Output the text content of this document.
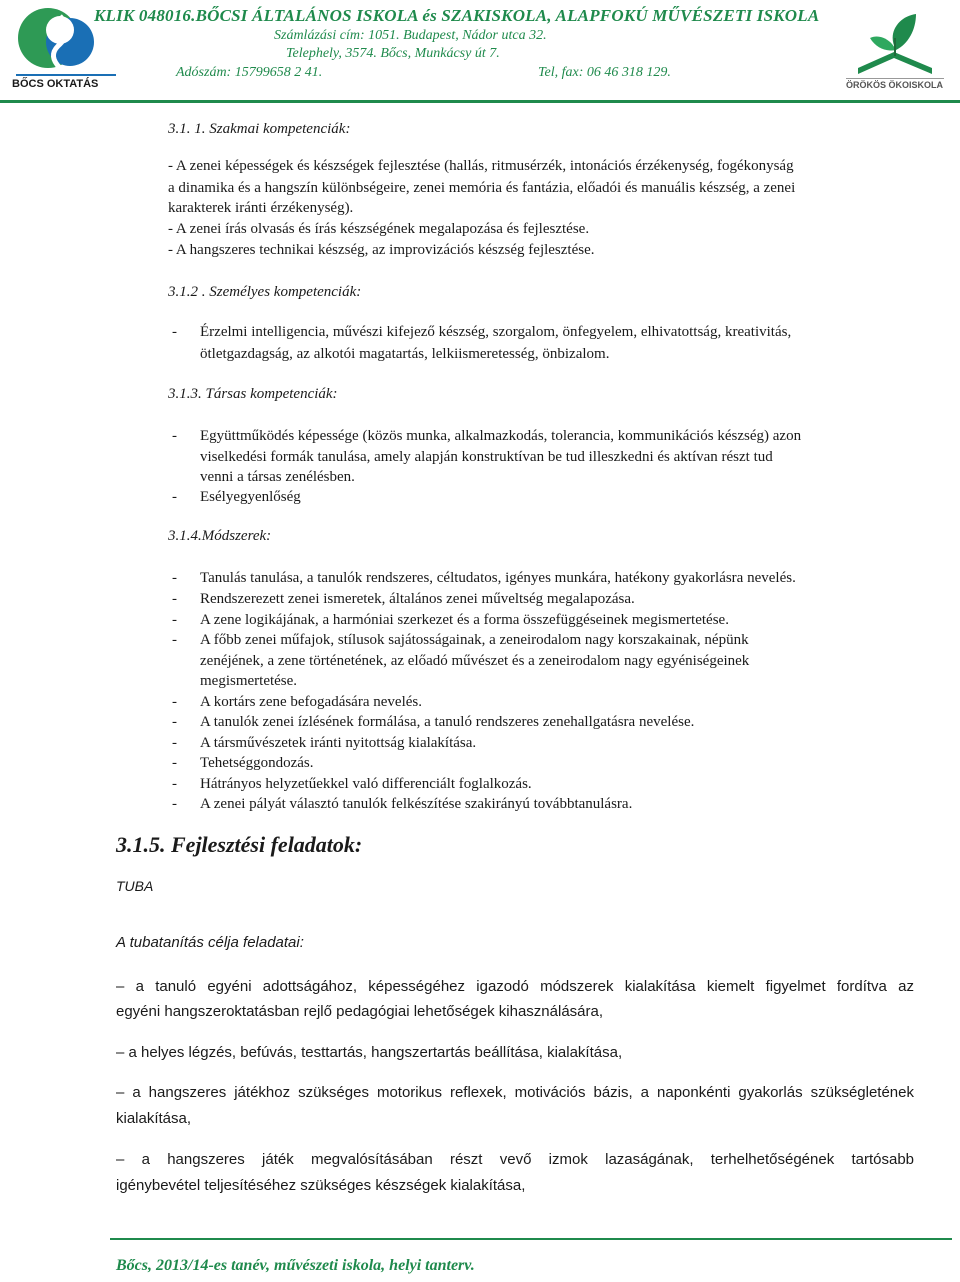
BŐCS OKTATÁS

KLIK 048016.BŐCSI ÁLTALÁNOS ISKOLA és SZAKISKOLA, ALAPFOKÚ MŰVÉSZETI ISKOLA

Számlázási cím: 1051. Budapest, Nádor utca 32.

Telephely, 3574. Bőcs, Munkácsy út 7.

Adószám: 15799658 2 41.	Tel, fax: 06 46 318 129.

ÖRÖKÖS ÖKOISKOLA

3.1. 1. Szakmai kompetenciák:

- A zenei képességek és készségek fejlesztése (hallás, ritmusérzék, intonációs érzékenység, fogékonyság

a dinamika és a hangszín különbségeire, zenei memória és fantázia, előadói és manuális készség, a zenei

karakterek iránti érzékenység).

- A zenei írás olvasás és írás készségének megalapozása és fejlesztése.

- A hangszeres technikai készség, az improvizációs készség fejlesztése.

3.1.2 . Személyes kompetenciák:

- Érzelmi intelligencia, művészi kifejező készség, szorgalom, önfegyelem, elhivatottság, kreativitás,

ötletgazdagság, az alkotói magatartás, lelkiismeretesség, önbizalom.

3.1.3. Társas kompetenciák:

- Együttműködés képessége (közös munka, alkalmazkodás, tolerancia, kommunikációs készség) azon

viselkedési formák tanulása, amely alapján konstruktívan be tud illeszkedni és aktívan részt tud

venni a társas zenélésben.

- Esélyegyenlőség

3.1.4.Módszerek:

- Tanulás tanulása, a tanulók rendszeres, céltudatos, igényes munkára, hatékony gyakorlásra nevelés.

- Rendszerezett zenei ismeretek, általános zenei műveltség megalapozása.

- A zene logikájának, a harmóniai szerkezet és a forma összefüggéseinek megismertetése.

- A főbb zenei műfajok, stílusok sajátosságainak, a zeneirodalom nagy korszakainak, népünk

zenéjének, a zene történetének, az előadó művészet és a zeneirodalom nagy egyéniségeinek

megismertetése.

- A kortárs zene befogadására nevelés.

- A tanulók zenei ízlésének formálása, a tanuló rendszeres zenehallgatásra nevelése.

- A társművészetek iránti nyitottság kialakítása.

- Tehetséggondozás.

- Hátrányos helyzetűekkel való differenciált foglalkozás.

- A zenei pályát választó tanulók felkészítése szakirányú továbbtanulásra.

3.1.5. Fejlesztési feladatok:

TUBA

A tubatanítás célja feladatai:

– a tanuló egyéni adottságához, képességéhez igazodó módszerek kialakítása kiemelt figyelmet fordítva az

egyéni hangszeroktatásban rejlő pedagógiai lehetőségek kihasználására,

– a helyes légzés, befúvás, testtartás, hangszertartás beállítása, kialakítása,

– a hangszeres játékhoz szükséges motorikus reflexek, motivációs bázis, a naponkénti gyakorlás szükségletének

kialakítása,

– a hangszeres játék megvalósításában részt vevő izmok lazaságának, terhelhetőségének tartósabb

igénybevétel teljesítéséhez szükséges készségek kialakítása,

Bőcs, 2013/14-es tanév, művészeti iskola, helyi tanterv.
